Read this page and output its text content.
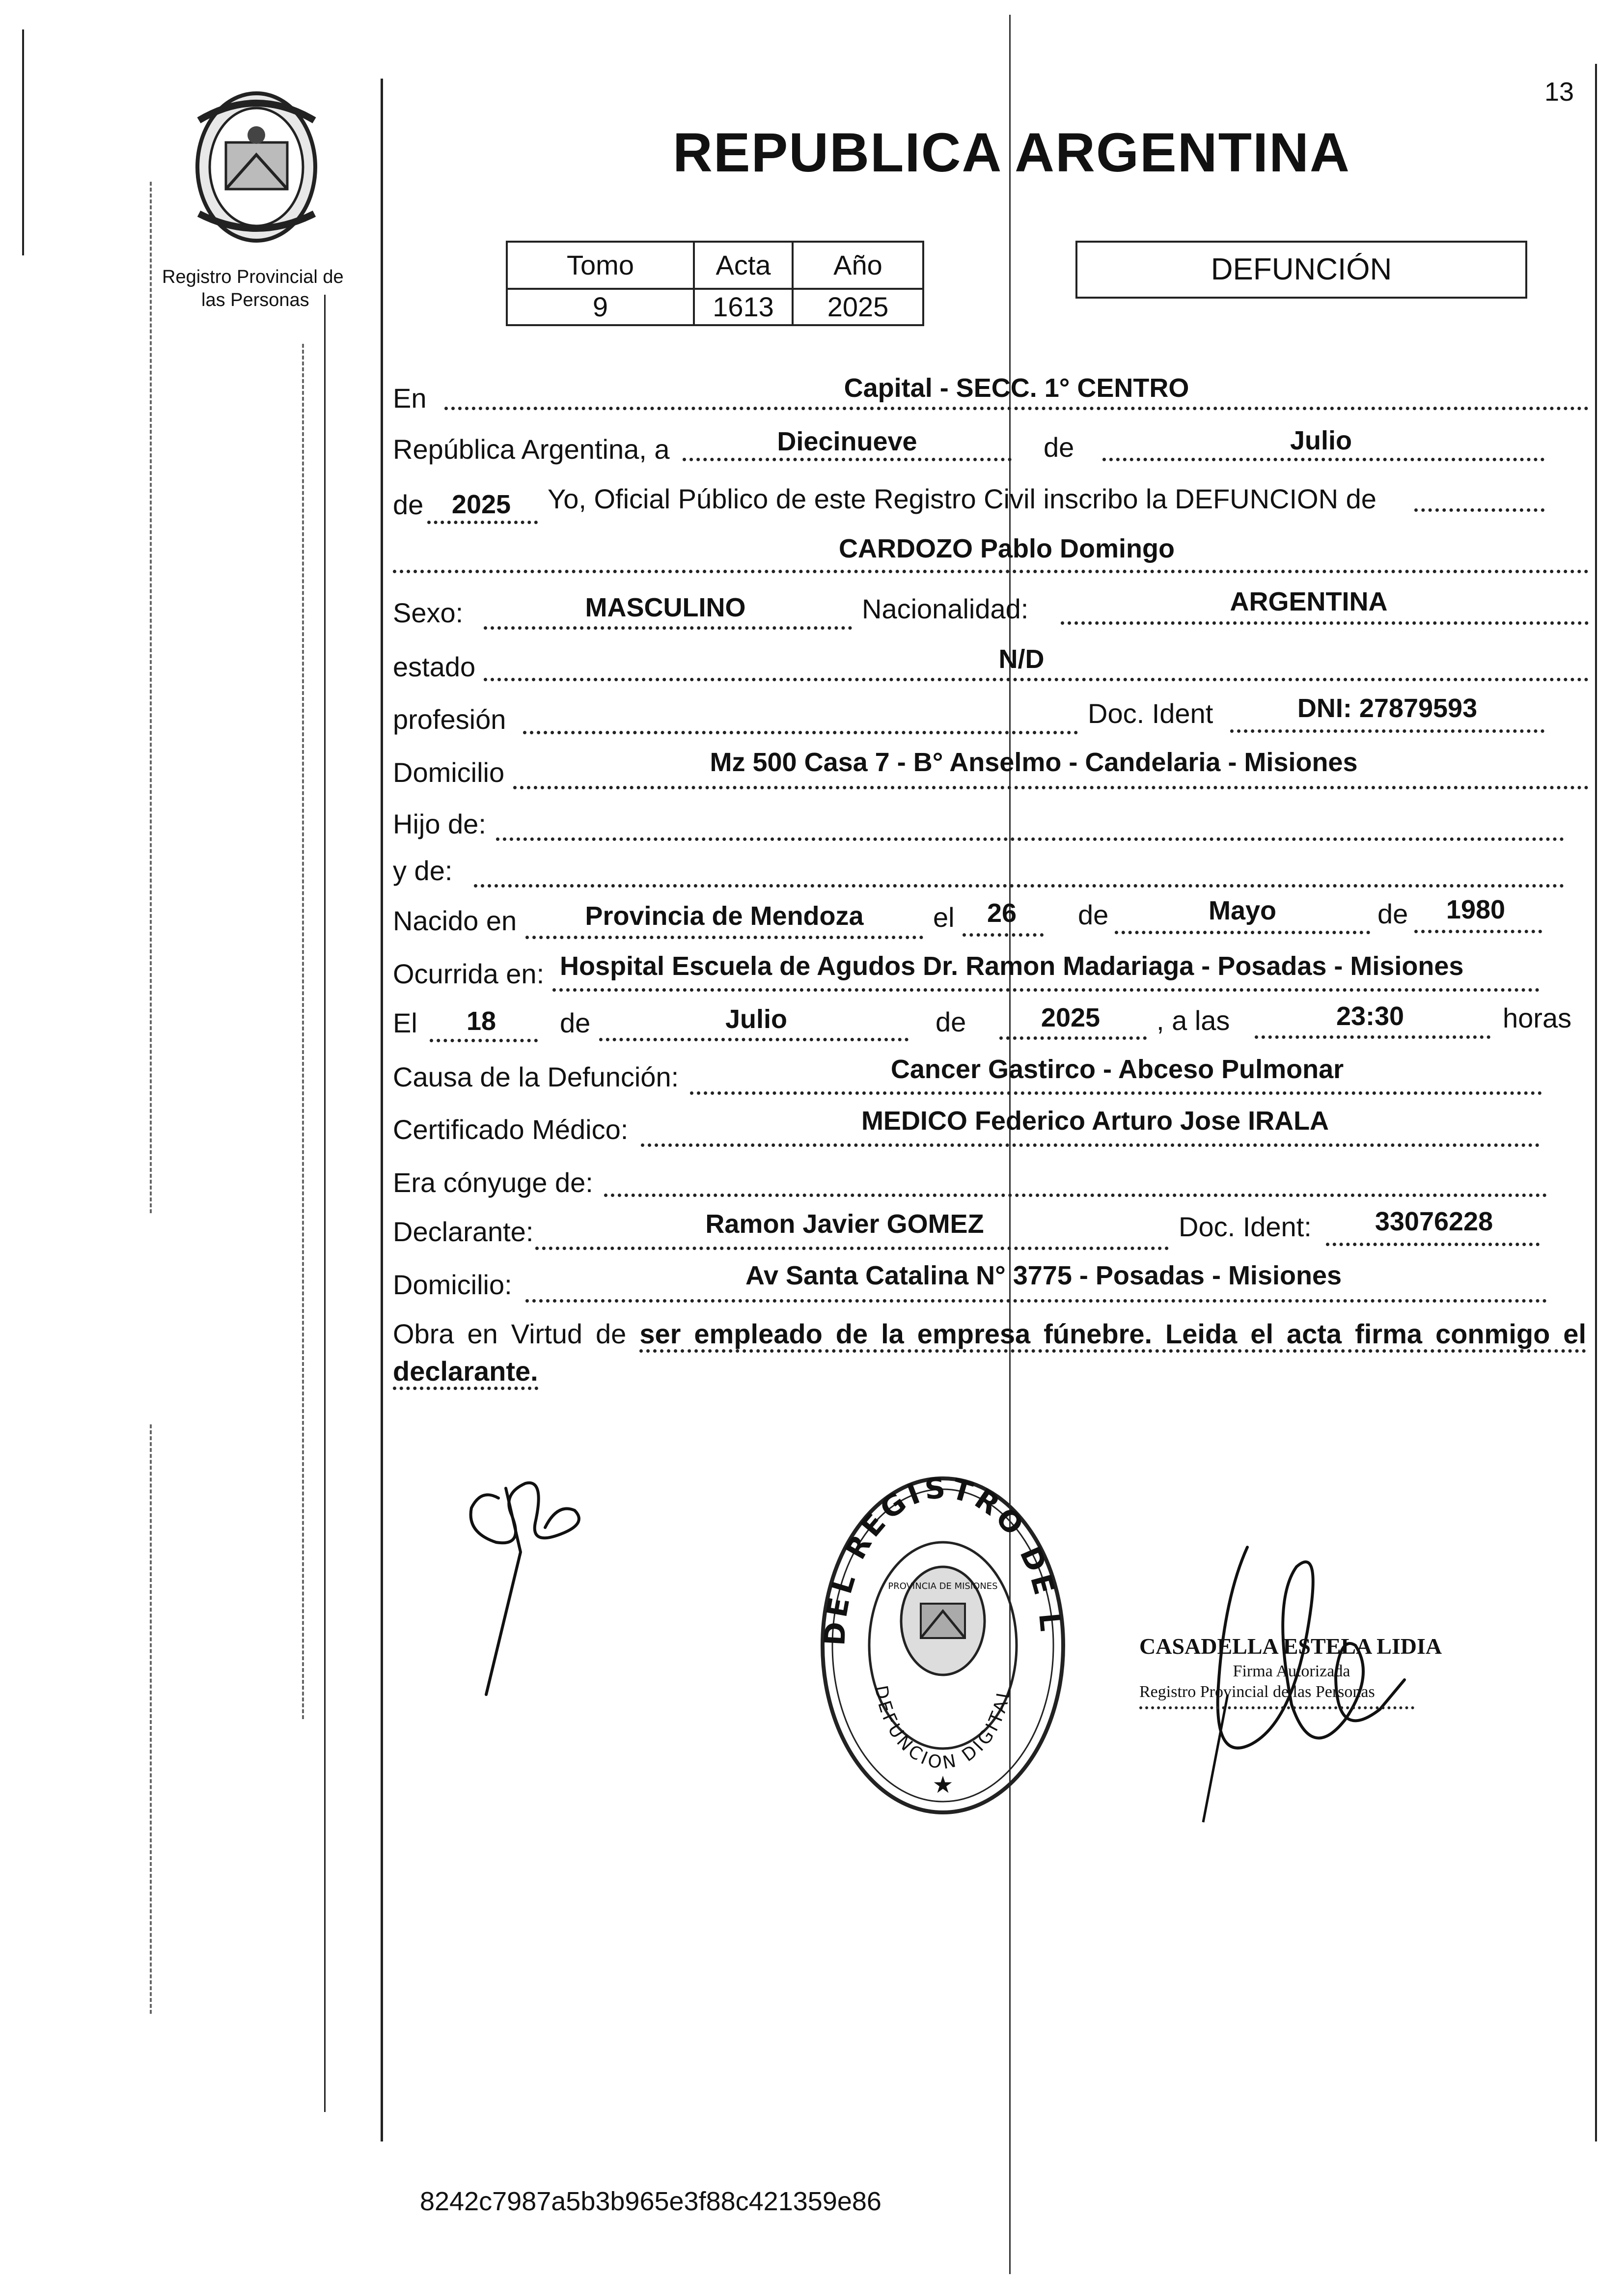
13
Registro Provincial de
las Personas
REPUBLICA ARGENTINA
Tomo	Acta	Año
9	1613	2025
DEFUNCIÓN
En	Capital - SECC. 1° CENTRO
República Argentina, a	Diecinueve	de	Julio
de	2025	Yo, Oficial Público de este Registro Civil inscribo la DEFUNCION de
CARDOZO Pablo Domingo
Sexo:	MASCULINO	Nacionalidad:	ARGENTINA
estado	N/D
profesión	Doc. Ident	DNI: 27879593
Domicilio	Mz 500 Casa 7 - B° Anselmo - Candelaria - Misiones
Hijo de:
y de:
Nacido en	Provincia de Mendoza	el	26	de	Mayo	de	1980
Ocurrida en: Hospital Escuela de Agudos Dr. Ramon Madariaga - Posadas - Misiones
El	18	de	Julio	de	2025	, a las	23:30	horas
Causa de la Defunción:	Cancer Gastirco - Abceso Pulmonar
Certificado Médico:	MEDICO Federico Arturo Jose IRALA
Era cónyuge de:
Declarante:	Ramon Javier GOMEZ	Doc. Ident:	33076228
Domicilio:	Av Santa Catalina N° 3775 - Posadas - Misiones
Obra en Virtud de ser empleado de la empresa fúnebre. Leida el acta firma conmigo el declarante.
DEL REGISTRO DE L
DEFUNCION DIGITAL
PROVINCIA DE MISIONES
★
CASADELLA ESTELA LIDIA
Firma Autorizada
Registro Provincial de las Personas
8242c7987a5b3b965e3f88c421359e86
